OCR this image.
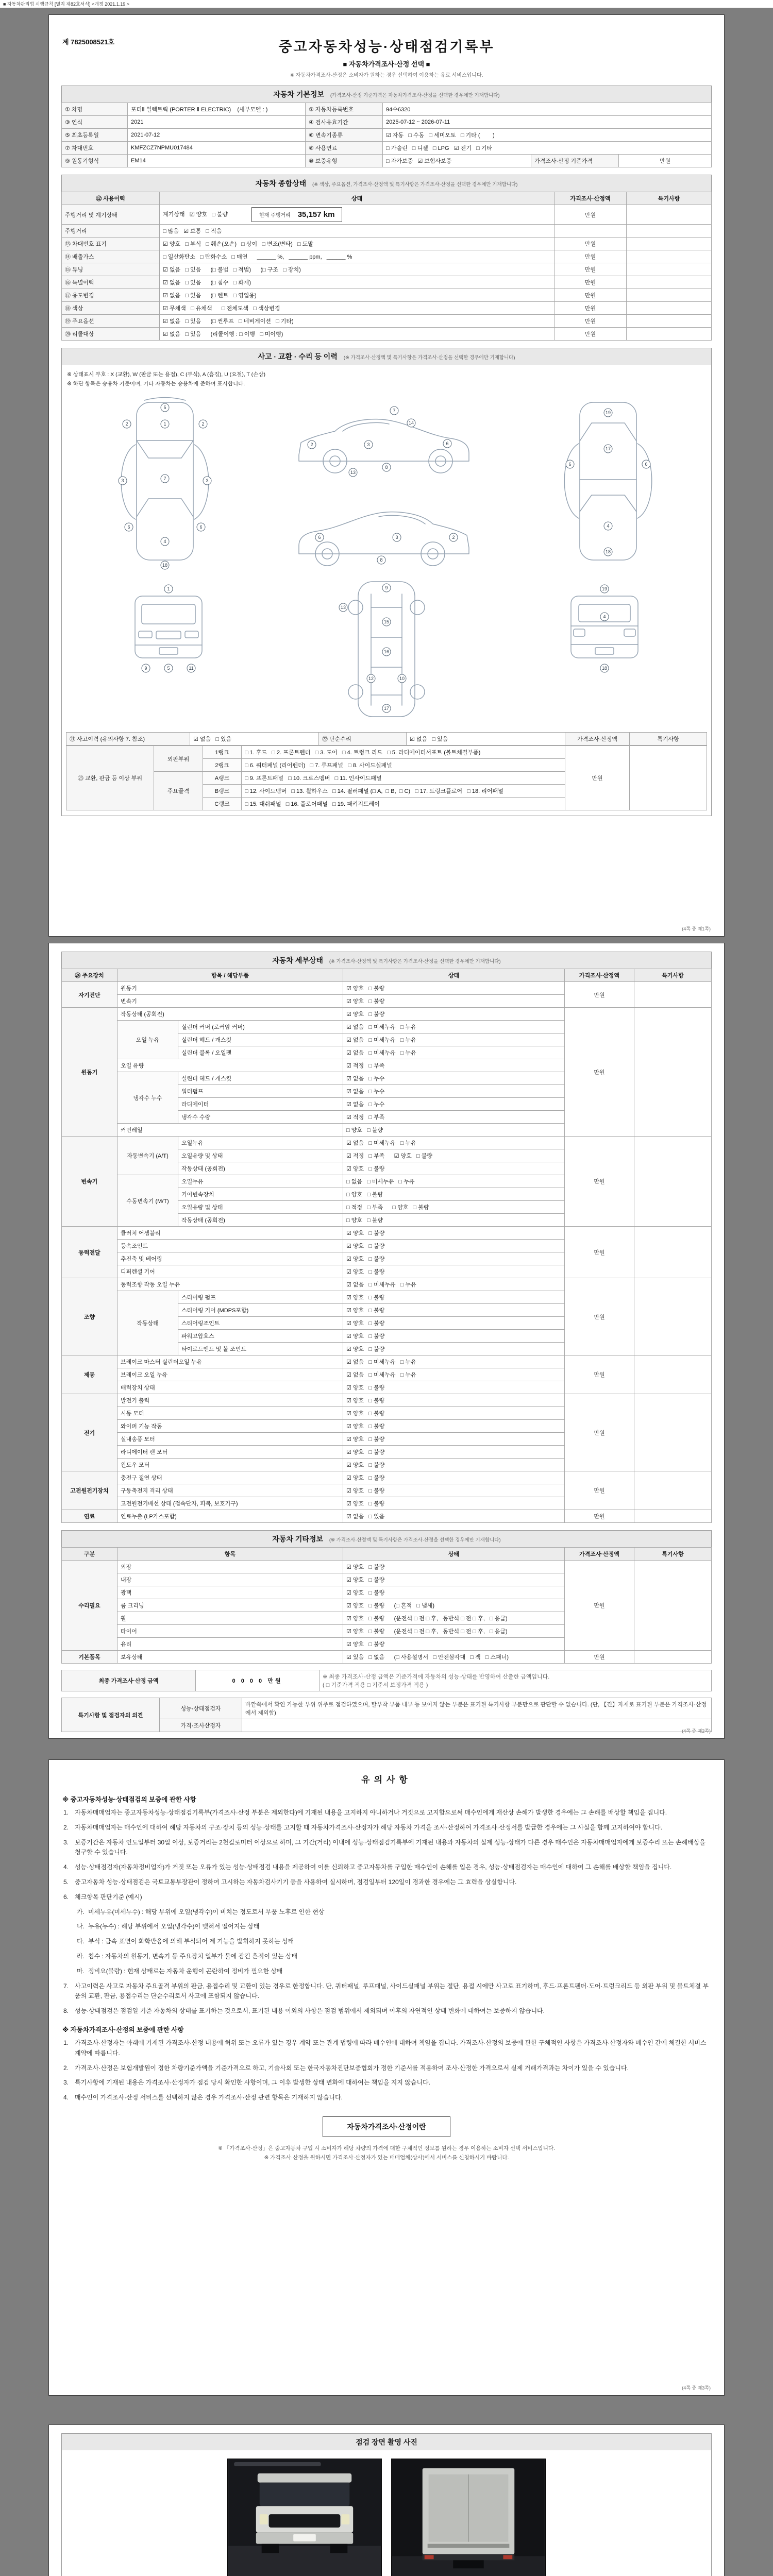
■ 자동차관리법 시행규칙 [별지 제82호서식] <개정 2021.1.19.>
제 7825008521호	중고자동차성능·상태점검기록부
■ 자동차가격조사·산정 선택 ■
※ 자동차가격조사·산정은 소비자가 원하는 경우 선택하여 이용하는 유료 서비스입니다.
자동차 기본정보 (가격조사·산정 기준가격은 자동차가격조사·산정을 선택한 경우에만 기재합니다)
① 차명	포터Ⅱ 일렉트릭 (PORTER Ⅱ ELECTRIC)    (세부모델 : )	② 자동차등록번호	94수6320		
③ 연식	2021	④ 검사유효기간	2025-07-12 ~ 2026-07-11		
⑤ 최초등록일	2021-07-12	⑥ 변속기종류	☑ 자동   □ 수동   □ 세미오토   □ 기타 (        )		
⑦ 차대번호	KMFZCZ7NPMU017484	⑧ 사용연료	□ 가솔린   □ 디젤   □ LPG   ☑ 전기   □ 기타		
⑨ 원동기형식	EM14	⑩ 보증유형	□ 자가보증   ☑ 보험사보증	가격조사·산정 기준가격	만원
자동차 종합상태 (※ 색상, 주요옵션, 가격조사·산정액 및 특기사항은 가격조사·산정을 선택한 경우에만 기재합니다)
⑫ 사용이력	상태	가격조사·산정액	특기사항
주행거리 및 계기상태	계기상태   ☑ 양호   □ 불량 현재 주행거리 35,157 km	만원	
주행거리	□ 많음   ☑ 보통   □ 적음		
⑬ 차대번호 표기	☑ 양호   □ 부식   □ 훼손(오손)   □ 상이   □ 변조(변타)   □ 도말	만원	
⑭ 배출가스	□ 일산화탄소   □ 탄화수소   □ 매연      ______ %,   ______ ppm,   ______ %	만원	
⑮ 튜닝	☑ 없음   □ 있음      (□ 불법   □ 적법)      (□ 구조   □ 장치)	만원	
⑯ 특별이력	☑ 없음   □ 있음      (□ 침수   □ 화재)	만원	
⑰ 용도변경	☑ 없음   □ 있음      (□ 렌트   □ 영업용)	만원	
⑱ 색상	☑ 무채색   □ 유채색      □ 전체도색   □ 색상변경	만원	
⑲ 주요옵션	☑ 없음   □ 있음      (□ 썬루프   □ 네비게이션   □ 기타)	만원	
⑳ 리콜대상	☑ 없음   □ 있음      (리콜이행 : □ 이행   □ 미이행)	만원	
사고 · 교환 · 수리 등 이력 (※ 가격조사·산정액 및 특기사항은 가격조사·산정을 선택한 경우에만 기재합니다)
※ 상태표시 부호 : X (교환), W (판금 또는 용접), C (부식), A (흠집), U (요철), T (손상)
※ 하단 항목은 승용차 기준이며, 기타 자동차는 승용차에 준하여 표시합니다.
5
1
2	2
3	3
7
6	6
4
18
2	3
7
14
6
8
13
2
3
6
8
19
17
6	6
4
18
1
9	5	11
9
13
15
16
12	10
17
19
4
18
㉑ 사고이력 (유의사항 7. 참조)	☑ 없음   □ 있음	㉒ 단순수리	☑ 없음   □ 있음	가격조사·산정액	특기사항
㉓ 교환, 판금 등 이상 부위	외판부위	1랭크	□ 1. 후드   □ 2. 프론트펜더   □ 3. 도어   □ 4. 트렁크 리드   □ 5. 라디에이터서포트 (볼트체결부품)	만원	
		2랭크	□ 6. 쿼터패널 (리어펜더)   □ 7. 루프패널   □ 8. 사이드실패널		
	주요골격	A랭크	□ 9. 프론트패널   □ 10. 크로스멤버   □ 11. 인사이드패널		
		B랭크	□ 12. 사이드멤버   □ 13. 휠하우스   □ 14. 필러패널 (□ A,  □ B,  □ C)   □ 17. 트렁크플로어   □ 18. 리어패널		
		C랭크	□ 15. 대쉬패널   □ 16. 플로어패널   □ 19. 패키지트레이		
(4쪽 중 제1쪽)
자동차 세부상태 (※ 가격조사·산정액 및 특기사항은 가격조사·산정을 선택한 경우에만 기재합니다)
㉔ 주요장치	항목 / 해당부품		상태	가격조사·산정액	특기사항
자기진단	원동기		☑ 양호   □ 불량	만원	
	변속기		☑ 양호   □ 불량		
원동기	작동상태 (공회전)		☑ 양호   □ 불량	만원	
	오일 누유	실린더 커버 (로커암 커버)	☑ 없음   □ 미세누유   □ 누유		
		실린더 헤드 / 개스킷	☑ 없음   □ 미세누유   □ 누유		
		실린더 블록 / 오일팬	☑ 없음   □ 미세누유   □ 누유		
	오일 유량		☑ 적정   □ 부족		
	냉각수 누수	실린더 헤드 / 개스킷	☑ 없음   □ 누수		
		워터펌프	☑ 없음   □ 누수		
		라디에이터	☑ 없음   □ 누수		
		냉각수 수량	☑ 적정   □ 부족		
	커먼레일		□ 양호   □ 불량		
변속기	자동변속기 (A/T)	오일누유	☑ 없음   □ 미세누유   □ 누유	만원	
		오일유량 및 상태	☑ 적정   □ 부족      ☑ 양호   □ 불량		
		작동상태 (공회전)	☑ 양호   □ 불량		
	수동변속기 (M/T)	오일누유	□ 없음   □ 미세누유   □ 누유		
		기어변속장치	□ 양호   □ 불량		
		오일유량 및 상태	□ 적정   □ 부족      □ 양호   □ 불량		
		작동상태 (공회전)	□ 양호   □ 불량		
동력전달	클러치 어셈블리		☑ 양호   □ 불량	만원	
	등속조인트		☑ 양호   □ 불량		
	추진축 및 베어링		☑ 양호   □ 불량		
	디퍼렌셜 기어		☑ 양호   □ 불량		
조향	동력조향 작동 오일 누유		☑ 없음   □ 미세누유   □ 누유	만원	
	작동상태	스티어링 펌프	☑ 양호   □ 불량		
		스티어링 기어 (MDPS포함)	☑ 양호   □ 불량		
		스티어링조인트	☑ 양호   □ 불량		
		파워고압호스	☑ 양호   □ 불량		
		타이로드엔드 및 볼 조인트	☑ 양호   □ 불량		
제동	브레이크 마스터 실린더오일 누유		☑ 없음   □ 미세누유   □ 누유	만원	
	브레이크 오일 누유		☑ 없음   □ 미세누유   □ 누유		
	배력장치 상태		☑ 양호   □ 불량		
전기	발전기 출력		☑ 양호   □ 불량	만원	
	시동 모터		☑ 양호   □ 불량		
	와이퍼 기능 작동		☑ 양호   □ 불량		
	실내송풍 모터		☑ 양호   □ 불량		
	라디에이터 팬 모터		☑ 양호   □ 불량		
	윈도우 모터		☑ 양호   □ 불량		
고전원전기장치	충전구 절연 상태		☑ 양호   □ 불량	만원	
	구동축전지 격리 상태		☑ 양호   □ 불량		
	고전원전기배선 상태 (접속단자, 피복, 보호기구)		☑ 양호   □ 불량		
연료	연료누출 (LP가스포함)		☑ 없음   □ 있음	만원	
자동차 기타정보 (※ 가격조사·산정액 및 특기사항은 가격조사·산정을 선택한 경우에만 기재합니다)
구분	항목	상태	가격조사·산정액	특기사항
수리필요	외장	☑ 양호   □ 불량	만원	
	내장	☑ 양호   □ 불량		
	광택	☑ 양호   □ 불량		
	룸 크리닝	☑ 양호   □ 불량      (□ 흔적   □ 냄새)		
	휠	☑ 양호   □ 불량      (운전석 □ 전 □ 후,   동반석 □ 전 □ 후,   □ 응급)		
	타이어	☑ 양호   □ 불량      (운전석 □ 전 □ 후,   동반석 □ 전 □ 후,   □ 응급)		
	유리	☑ 양호   □ 불량		
기본품목	보유상태	☑ 있음   □ 없음      (□ 사용설명서   □ 안전삼각대   □ 잭   □ 스패너)	만원	
최종 가격조사·산정 금액	0 0 0 0 만원	
※ 최종 가격조사·산정 금액은 기준가격에 자동차의 성능·상태를 반영하여 산출한 금액입니다.
( □ 기준가격 적용 □ 기준서 보정가격 적용 )
특기사항 및 점검자의 의견	성능·상태점검자	바깥쪽에서 확인 가능한 부위 위주로 점검하였으며, 탈부착 부품 내부 등 보이지 않는 부분은 표기된 특기사항 부분만으로 판단할 수 없습니다. (단, 【견】자재로 표기된 부분은 가격조사·산정에서 제외함)
	가격·조사산정자	
(4쪽 중 제2쪽)
유의사항
※ 중고자동차성능·상태점검의 보증에 관한 사항
1. 자동차매매업자는 중고자동차성능·상태점검기록부(가격조사·산정 부분은 제외한다)에 기재된 내용을 고지하지 아니하거나 거짓으로 고지함으로써 매수인에게 재산상 손해가 발생한 경우에는 그 손해를 배상할 책임을 집니다.
2. 자동차매매업자는 매수인에 대하여 해당 자동차의 구조·장치 등의 성능·상태를 고지할 때 자동차가격조사·산정자가 해당 자동차 가격을 조사·산정하여 가격조사·산정서를 발급한 경우에는 그 사실을 함께 고지하여야 합니다.
3. 보증기간은 자동차 인도일부터 30일 이상, 보증거리는 2천킬로미터 이상으로 하며, 그 기간(거리) 이내에 성능·상태점검기록부에 기재된 내용과 자동차의 실제 성능·상태가 다른 경우 매수인은 자동차매매업자에게 보증수리 또는 손해배상을 청구할 수 있습니다.
4. 성능·상태점검자(자동차정비업자)가 거짓 또는 오류가 있는 성능·상태점검 내용을 제공하여 이를 신뢰하고 중고자동차를 구입한 매수인이 손해를 입은 경우, 성능·상태점검자는 매수인에 대하여 그 손해를 배상할 책임을 집니다.
5. 중고자동차 성능·상태점검은 국토교통부장관이 정하여 고시하는 자동차검사기기 등을 사용하여 실시하며, 점검일부터 120일이 경과한 경우에는 그 효력을 상실합니다.
6. 체크항목 판단기준 (예시)
가. 미세누유(미세누수) : 해당 부위에 오일(냉각수)이 비치는 정도로서 부품 노후로 인한 현상
나. 누유(누수) : 해당 부위에서 오일(냉각수)이 맺혀서 떨어지는 상태
다. 부식 : 금속 표면이 화학반응에 의해 부식되어 제 기능을 발휘하지 못하는 상태
라. 침수 : 자동차의 원동기, 변속기 등 주요장치 일부가 물에 잠긴 흔적이 있는 상태
마. 정비요(불량) : 현재 상태로는 자동차 운행이 곤란하여 정비가 필요한 상태
7. 사고이력은 사고로 자동차 주요골격 부위의 판금, 용접수리 및 교환이 있는 경우로 한정합니다. 단, 쿼터패널, 루프패널, 사이드실패널 부위는 절단, 용접 시에만 사고로 표기하며, 후드·프론트펜더·도어·트렁크리드 등 외판 부위 및 볼트체결 부품의 교환, 판금, 용접수리는 단순수리로서 사고에 포함되지 않습니다.
8. 성능·상태점검은 점검일 기준 자동차의 상태를 표기하는 것으로서, 표기된 내용 이외의 사항은 점검 범위에서 제외되며 이후의 자연적인 상태 변화에 대하여는 보증하지 않습니다.
※ 자동차가격조사·산정의 보증에 관한 사항
1. 가격조사·산정자는 아래에 기재된 가격조사·산정 내용에 허위 또는 오류가 있는 경우 계약 또는 관계 법령에 따라 매수인에 대하여 책임을 집니다. 가격조사·산정의 보증에 관한 구체적인 사항은 가격조사·산정자와 매수인 간에 체결한 서비스 계약에 따릅니다.
2. 가격조사·산정은 보험개발원이 정한 차량기준가액을 기준가격으로 하고, 기술사회 또는 한국자동차진단보증협회가 정한 기준서를 적용하여 조사·산정한 가격으로서 실제 거래가격과는 차이가 있을 수 있습니다.
3. 특기사항에 기재된 내용은 가격조사·산정자가 점검 당시 확인한 사항이며, 그 이후 발생한 상태 변화에 대하여는 책임을 지지 않습니다.
4. 매수인이 가격조사·산정 서비스를 선택하지 않은 경우 가격조사·산정 관련 항목은 기재하지 않습니다.
자동차가격조사·산정이란
※ 「가격조사·산정」은 중고자동차 구입 시 소비자가 해당 차량의 가격에 대한 구체적인 정보를 원하는 경우 이용하는 소비자 선택 서비스입니다.
※ 가격조사·산정을 원하시면 가격조사·산정자가 있는 매매업체(상사)에서 서비스를 신청하시기 바랍니다.
(4쪽 중 제3쪽)
점검 장면 촬영 사진
